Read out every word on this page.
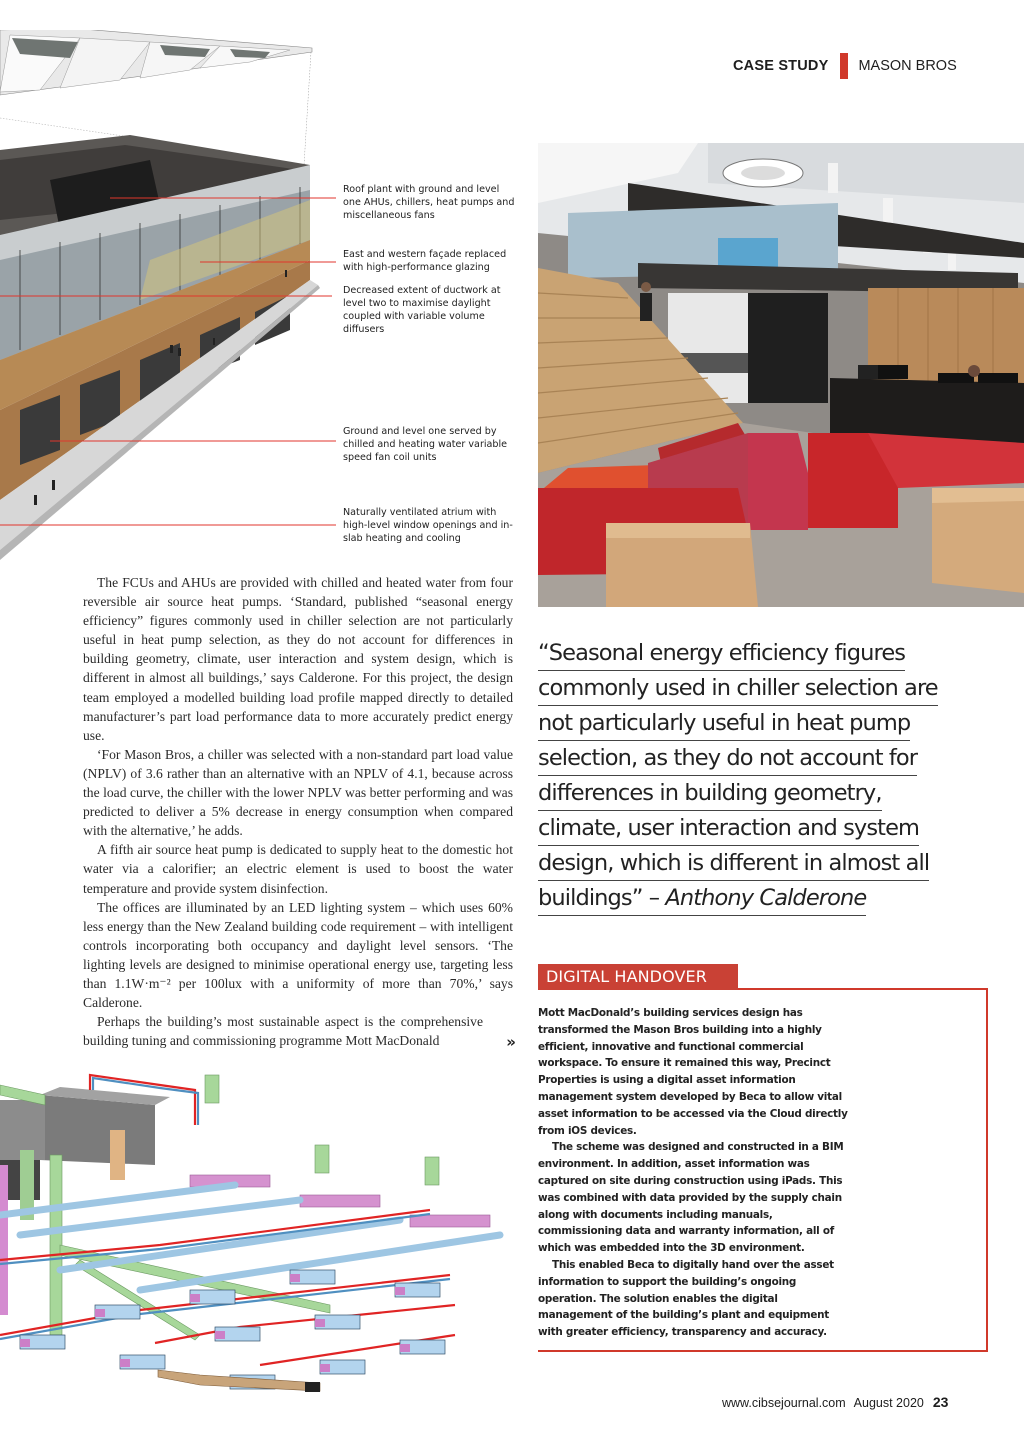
CASE STUDY MASON BROS
Roof plant with ground and level one AHUs, chillers, heat pumps and miscellaneous fans
East and western façade replaced with high-performance glazing
Decreased extent of ductwork at level two to maximise daylight coupled with variable volume diffusers
Ground and level one served by chilled and heating water variable speed fan coil units
Naturally ventilated atrium with high-level window openings and in-slab heating and cooling

The FCUs and AHUs are provided with chilled and heated water from four reversible air source heat pumps. ‘Standard, published “seasonal energy efficiency” figures commonly used in chiller selection are not particularly useful in heat pump selection, as they do not account for differences in building geometry, climate, user interaction and system design, which is different in almost all buildings,’ says Calderone. For this project, the design team employed a modelled building load profile mapped directly to detailed manufacturer’s part load performance data to more accurately predict energy use.

‘For Mason Bros, a chiller was selected with a non-standard part load value (NPLV) of 3.6 rather than an alternative with an NPLV of 4.1, because across the load curve, the chiller with the lower NPLV was better performing and was predicted to deliver a 5% decrease in energy consumption when compared with the alternative,’ he adds.

A fifth air source heat pump is dedicated to supply heat to the domestic hot water via a calorifier; an electric element is used to boost the water temperature and provide system disinfection.

The offices are illuminated by an LED lighting system – which uses 60% less energy than the New Zealand building code requirement – with intelligent controls incorporating both occupancy and daylight level sensors. ‘The lighting levels are designed to minimise operational energy use, targeting less than 1.1W·m⁻² per 100lux with a uniformity of more than 70%,’ says Calderone.

Perhaps the building’s most sustainable aspect is the comprehensive building tuning and commissioning programme Mott MacDonald	»
“Seasonal energy efficiency figures
commonly used in chiller selection are
not particularly useful in heat pump
selection, as they do not account for
differences in building geometry,
climate, user interaction and system
design, which is different in almost all
buildings” – Anthony Calderone
DIGITAL HANDOVER

Mott MacDonald’s building services design has transformed the Mason Bros building into a highly efficient, innovative and functional commercial workspace. To ensure it remained this way, Precinct Properties is using a digital asset information management system developed by Beca to allow vital asset information to be accessed via the Cloud directly from iOS devices.

The scheme was designed and constructed in a BIM environment. In addition, asset information was captured on site during construction using iPads. This was combined with data provided by the supply chain along with documents including manuals, commissioning data and warranty information, all of which was embedded into the 3D environment.

This enabled Beca to digitally hand over the asset information to support the building’s ongoing operation. The solution enables the digital management of the building’s plant and equipment with greater efficiency, transparency and accuracy.

www.cibsejournal.com August 2020 23
